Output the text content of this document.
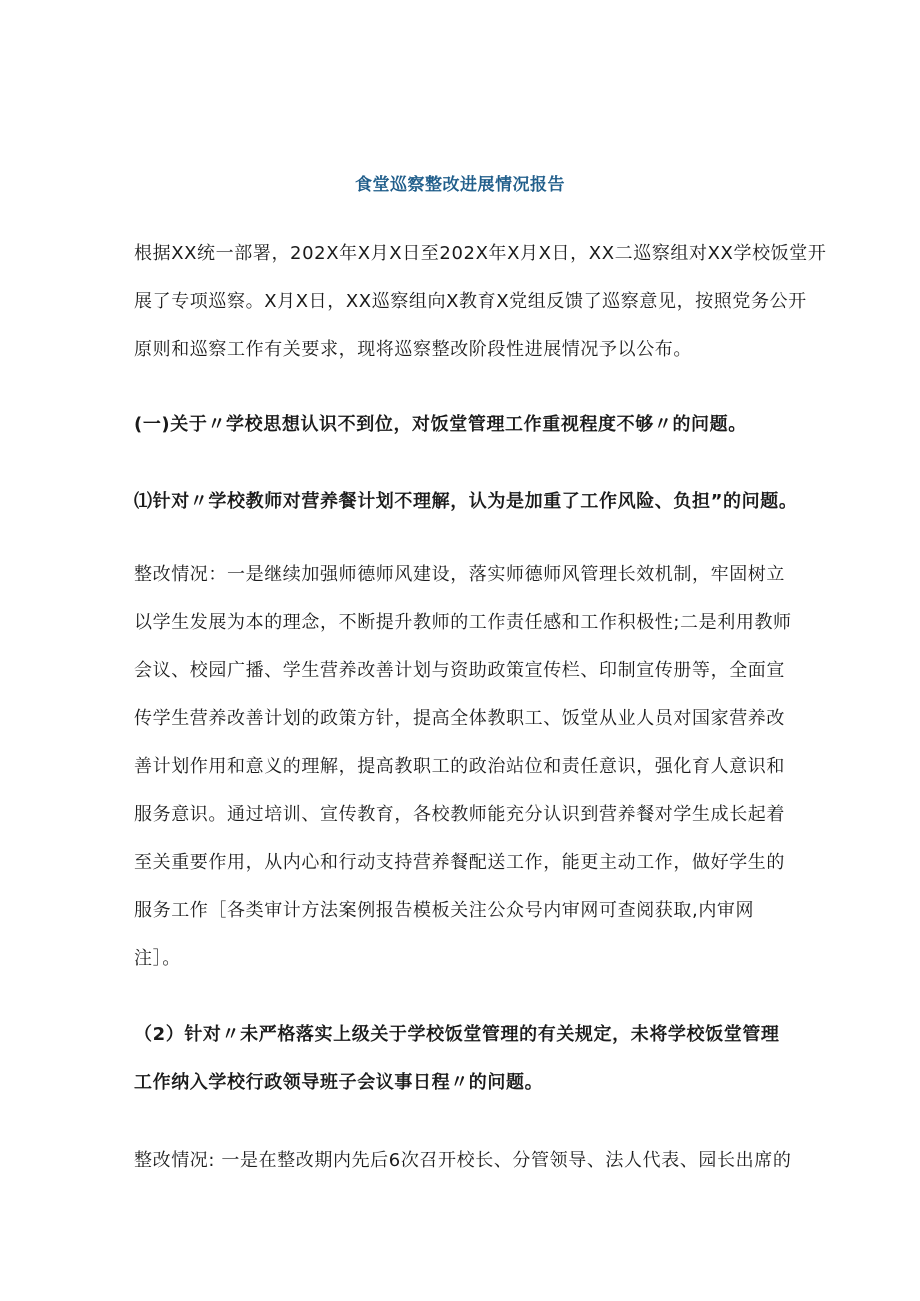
食堂巡察整改进展情况报告

根据XX统一部署，202X年X月X日至202X年X月X日，XX二巡察组对XX学校饭堂开
展了专项巡察。X月X日，XX巡察组向X教育X党组反馈了巡察意见，按照党务公开
原则和巡察工作有关要求，现将巡察整改阶段性进展情况予以公布。

(一)关于〃学校思想认识不到位，对饭堂管理工作重视程度不够〃的问题。

⑴针对〃学校教师对营养餐计划不理解，认为是加重了工作风险、负担”的问题。

整改情况：一是继续加强师德师风建设，落实师德师风管理长效机制，牢固树立
以学生发展为本的理念，不断提升教师的工作责任感和工作积极性;二是利用教师
会议、校园广播、学生营养改善计划与资助政策宣传栏、印制宣传册等，全面宣
传学生营养改善计划的政策方针，提高全体教职工、饭堂从业人员对国家营养改
善计划作用和意义的理解，提高教职工的政治站位和责任意识，强化育人意识和
服务意识。通过培训、宣传教育，各校教师能充分认识到营养餐对学生成长起着
至关重要作用，从内心和行动支持营养餐配送工作，能更主动工作，做好学生的
服务工作［各类审计方法案例报告模板关注公众号内审网可查阅获取,内审网
注］。

（2）针对〃未严格落实上级关于学校饭堂管理的有关规定，未将学校饭堂管理
工作纳入学校行政领导班子会议事日程〃的问题。

整改情况: 一是在整改期内先后6次召开校长、分管领导、法人代表、园长出席的
